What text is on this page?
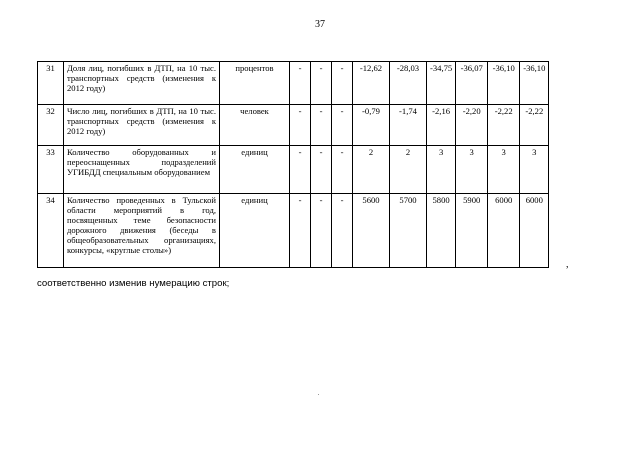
37
31	Доля лиц, погибших в ДТП, на 10 тыс. транспортных средств (изменения к 2012 году)	процентов	-	-	-	-12,62	-28,03	-34,75	-36,07	-36,10	-36,10
32	Число лиц, погибших в ДТП, на 10 тыс. транспортных средств (изменения к 2012 году)	человек	-	-	-	-0,79	-1,74	-2,16	-2,20	-2,22	-2,22
33	Количество оборудованных и переоснащенных подразделений УГИБДД специальным оборудованием	единиц	-	-	-	2	2	3	3	3	3
34	Количество проведенных в Тульской области мероприятий в год, посвященных теме безопасности дорожного движения (беседы в общеобразовательных организациях, конкурсы, «круглые столы»)	единиц	-	-	-	5600	5700	5800	5900	6000	6000
,
соответственно изменив нумерацию строк;
